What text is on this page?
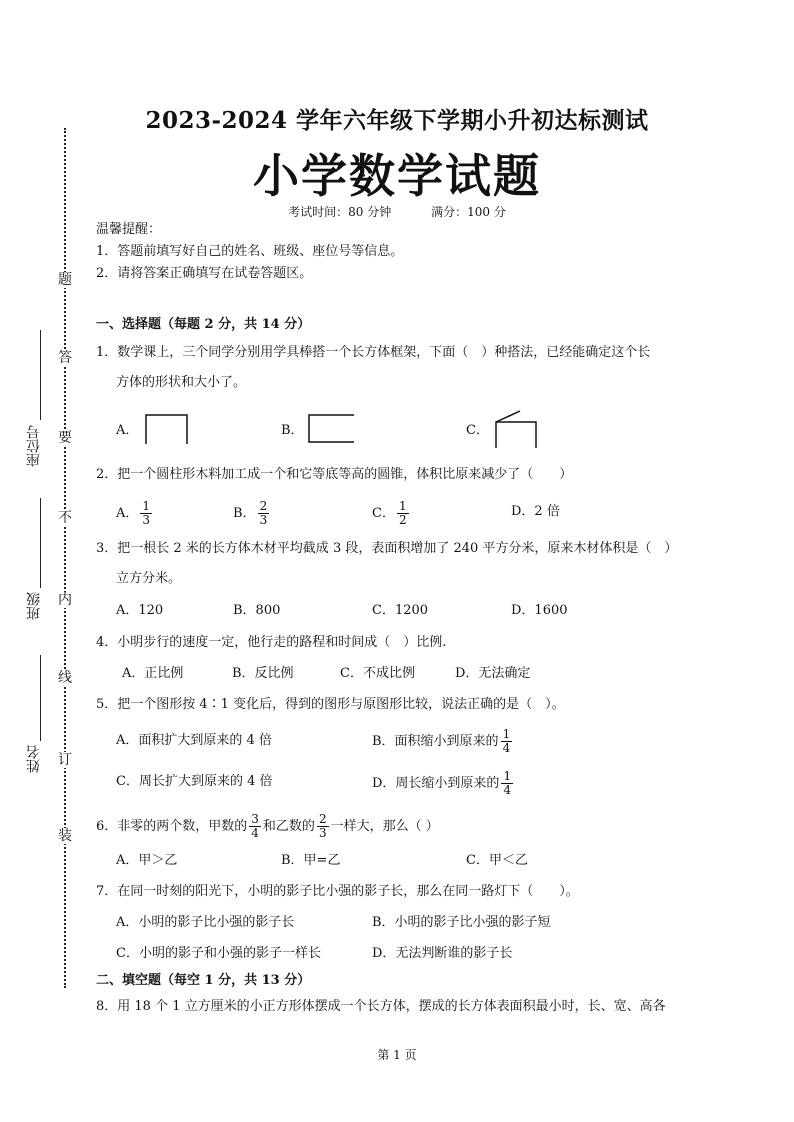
题
答
要
不
内
线
订
装
座位号
班级
姓名
2023-2024 学年六年级下学期小升初达标测试
小学数学试题
考试时间：80 分钟	满分：100 分
温馨提醒：
1．答题前填写好自己的姓名、班级、座位号等信息。
2．请将答案正确填写在试卷答题区。
一、选择题（每题 2 分，共 14 分）
1．数学课上，三个同学分别用学具棒搭一个长方体框架，下面（　）种搭法，已经能确定这个长
方体的形状和大小了。
A．	B．	C．
2．把一个圆柱形木料加工成一个和它等底等高的圆锥，体积比原来减少了（　　）
A． $\frac{1}{3}$	B． $\frac{2}{3}$	C． $\frac{1}{2}$	D．2 倍
3．把一根长 2 米的长方体木材平均截成 3 段，表面积增加了 240 平方分米，原来木材体积是（　）
立方分米。
A．120	B．800	C．1200	D．1600
4．小明步行的速度一定，他行走的路程和时间成（　）比例.
A．正比例	B．反比例	C．不成比例	D．无法确定
5．把一个图形按 4∶1 变化后，得到的图形与原图形比较，说法正确的是（　）。
A．面积扩大到原来的 4 倍	B．面积缩小到原来的 $\frac{1}{4}$
C．周长扩大到原来的 4 倍	D．周长缩小到原来的 $\frac{1}{4}$
6．非零的两个数，甲数的 $\frac{3}{4}$ 和乙数的 $\frac{2}{3}$ 一样大，那么（ ）
A．甲＞乙	B．甲=乙	C．甲＜乙
7．在同一时刻的阳光下，小明的影子比小强的影子长，那么在同一路灯下（　　）。
A．小明的影子比小强的影子长	B．小明的影子比小强的影子短
C．小明的影子和小强的影子一样长	D．无法判断谁的影子长
二、填空题（每空 1 分，共 13 分）
8．用 18 个 1 立方厘米的小正方形体摆成一个长方体，摆成的长方体表面积最小时，长、宽、高各
第 1 页
